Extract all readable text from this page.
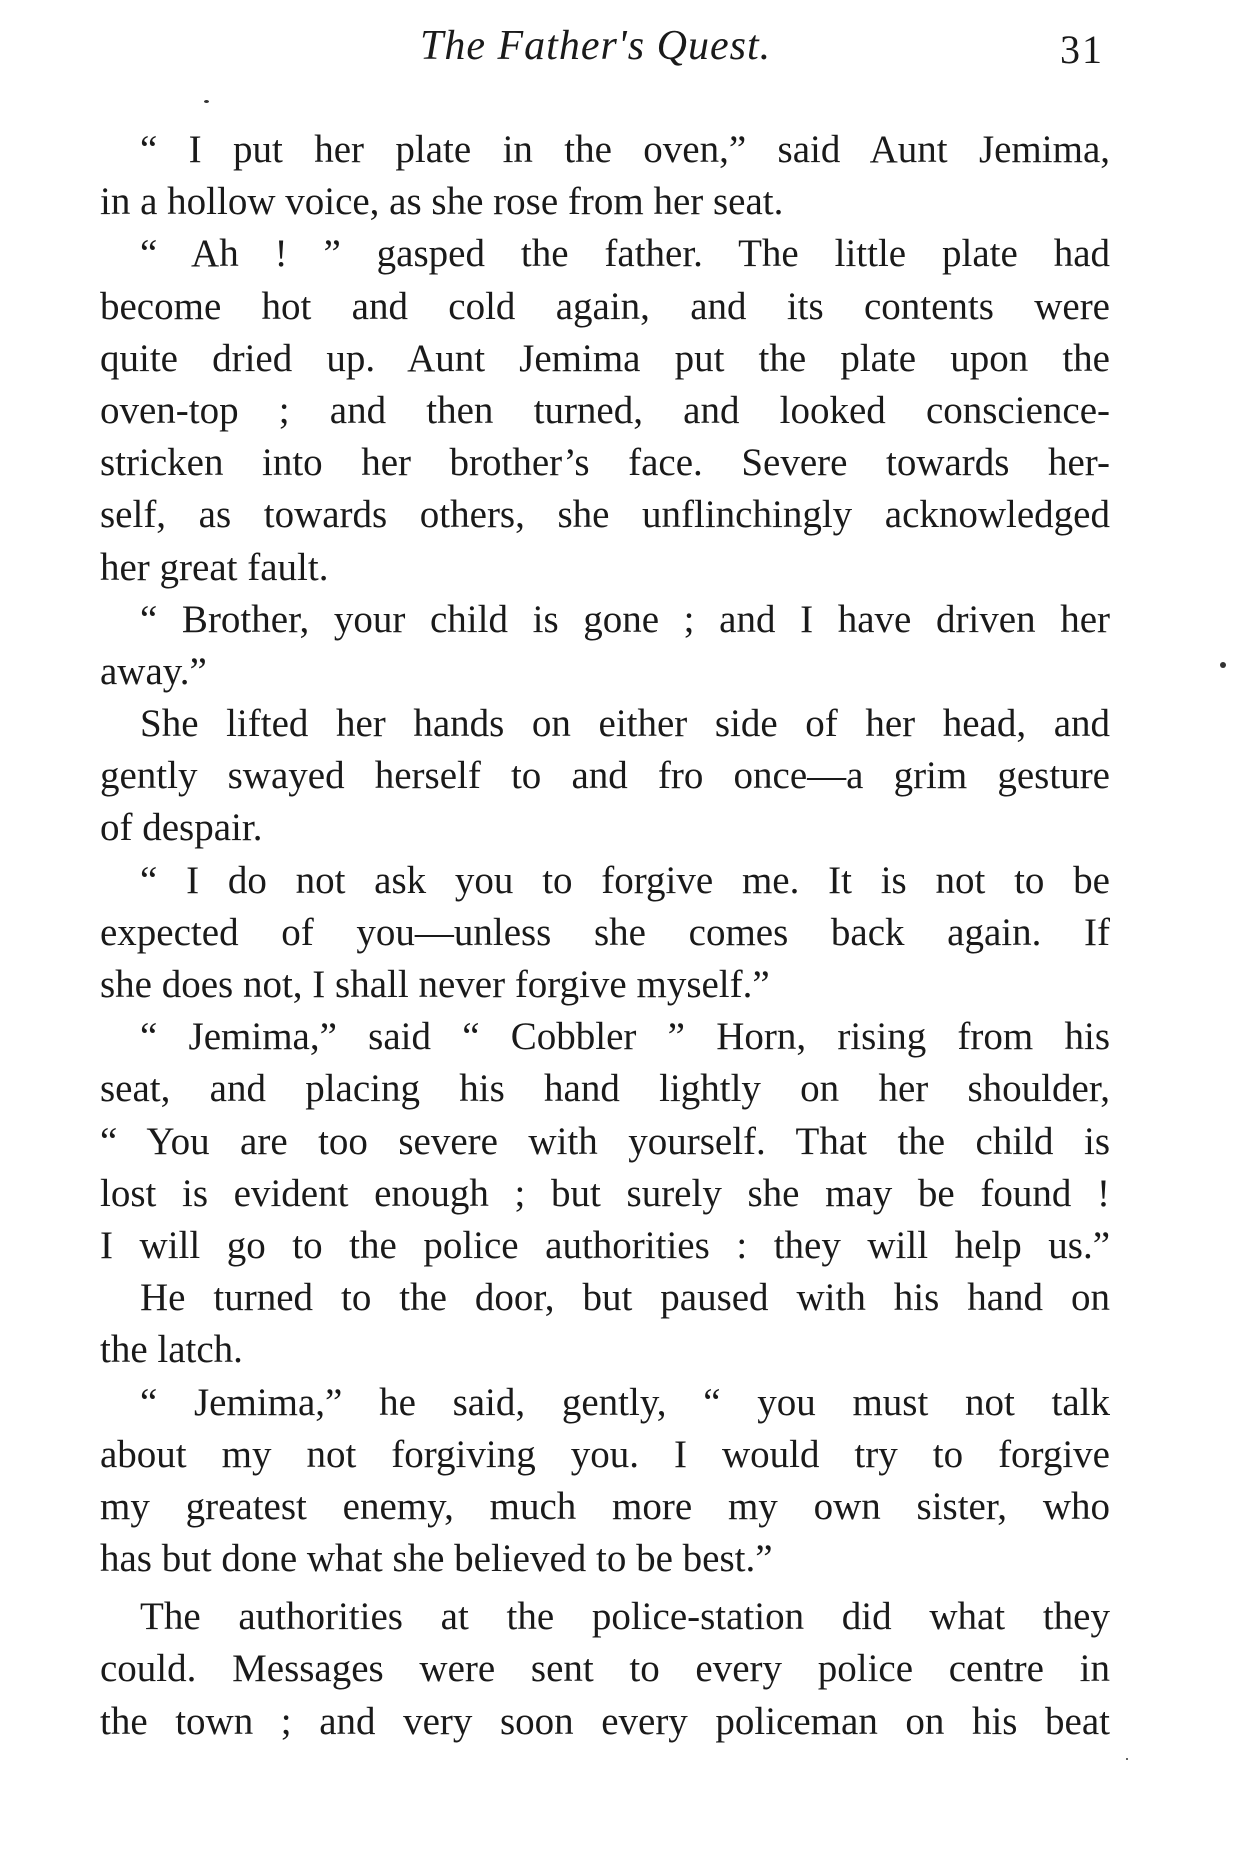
The Father's Quest.	31
“ I put her plate in the oven,” said Aunt Jemima,
in a hollow voice, as she rose from her seat.
“ Ah ! ” gasped the father. The little plate had
become hot and cold again, and its contents were
quite dried up. Aunt Jemima put the plate upon the
oven-top ; and then turned, and looked conscience-
stricken into her brother’s face. Severe towards her-
self, as towards others, she unflinchingly acknowledged
her great fault.
“ Brother, your child is gone ; and I have driven her
away.”
She lifted her hands on either side of her head, and
gently swayed herself to and fro once—a grim gesture
of despair.
“ I do not ask you to forgive me. It is not to be
expected of you—unless she comes back again. If
she does not, I shall never forgive myself.”
“ Jemima,” said “ Cobbler ” Horn, rising from his
seat, and placing his hand lightly on her shoulder,
“ You are too severe with yourself. That the child is
lost is evident enough ; but surely she may be found !
I will go to the police authorities : they will help us.”
He turned to the door, but paused with his hand on
the latch.
“ Jemima,” he said, gently, “ you must not talk
about my not forgiving you. I would try to forgive
my greatest enemy, much more my own sister, who
has but done what she believed to be best.”
The authorities at the police-station did what they
could. Messages were sent to every police centre in
the town ; and very soon every policeman on his beat
